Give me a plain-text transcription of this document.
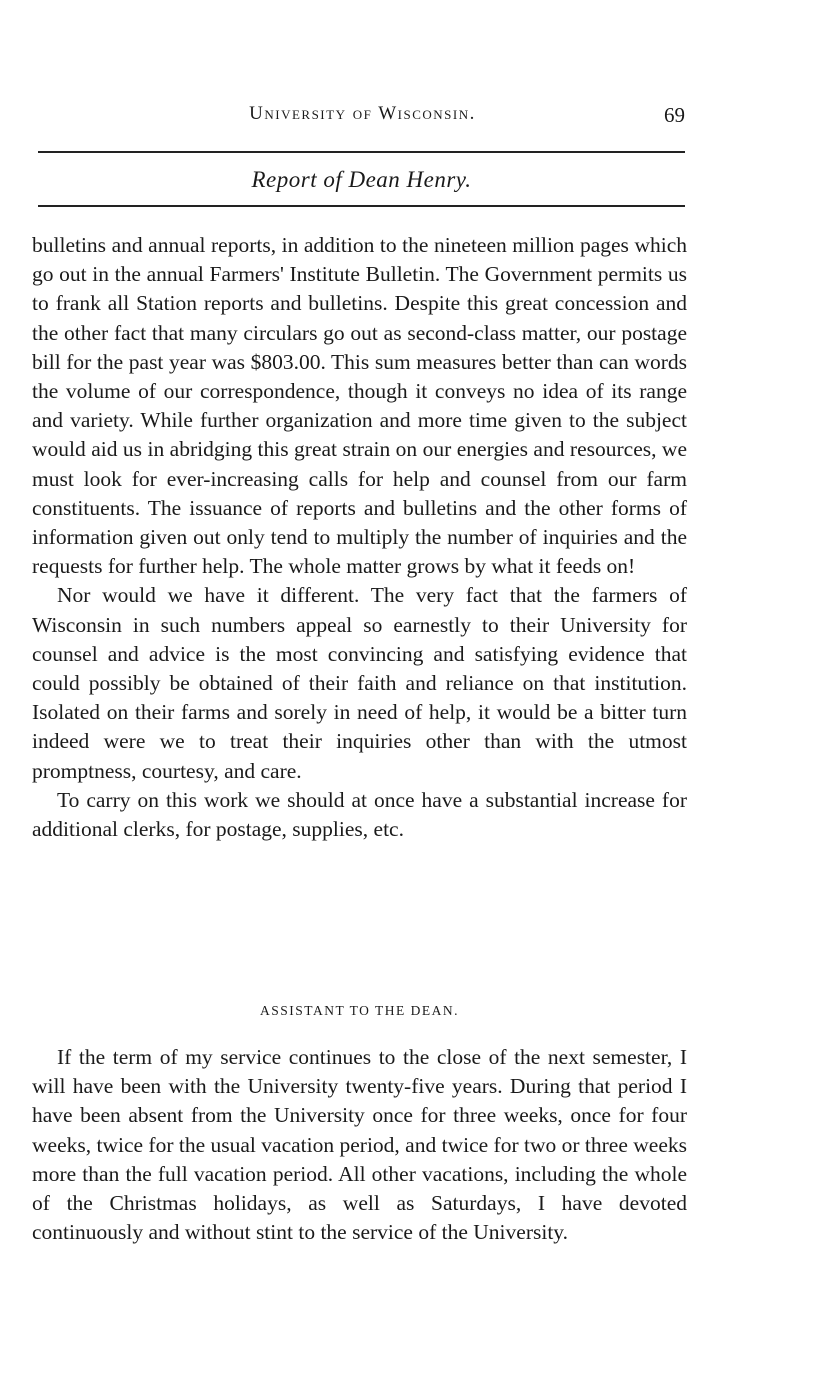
University of Wisconsin.	69
Report of Dean Henry.

bulletins and annual reports, in addition to the nineteen million pages which go out in the annual Farmers' Institute Bulletin. The Government permits us to frank all Station reports and bulletins. Despite this great concession and the other fact that many circulars go out as second-class matter, our postage bill for the past year was $803.00. This sum measures better than can words the volume of our correspondence, though it conveys no idea of its range and variety. While further organization and more time given to the subject would aid us in abridging this great strain on our energies and resources, we must look for ever-increasing calls for help and counsel from our farm constituents. The issuance of reports and bulletins and the other forms of information given out only tend to multiply the number of inquiries and the requests for further help. The whole matter grows by what it feeds on!

Nor would we have it different. The very fact that the farmers of Wisconsin in such numbers appeal so earnestly to their University for counsel and advice is the most convincing and satisfying evidence that could possibly be obtained of their faith and reliance on that institution. Isolated on their farms and sorely in need of help, it would be a bitter turn indeed were we to treat their inquiries other than with the utmost promptness, courtesy, and care.

To carry on this work we should at once have a substantial increase for additional clerks, for postage, supplies, etc.

ASSISTANT TO THE DEAN.

If the term of my service continues to the close of the next semester, I will have been with the University twenty-five years. During that period I have been absent from the University once for three weeks, once for four weeks, twice for the usual vacation period, and twice for two or three weeks more than the full vacation period. All other vacations, including the whole of the Christmas holidays, as well as Saturdays, I have devoted continuously and without stint to the service of the University.
